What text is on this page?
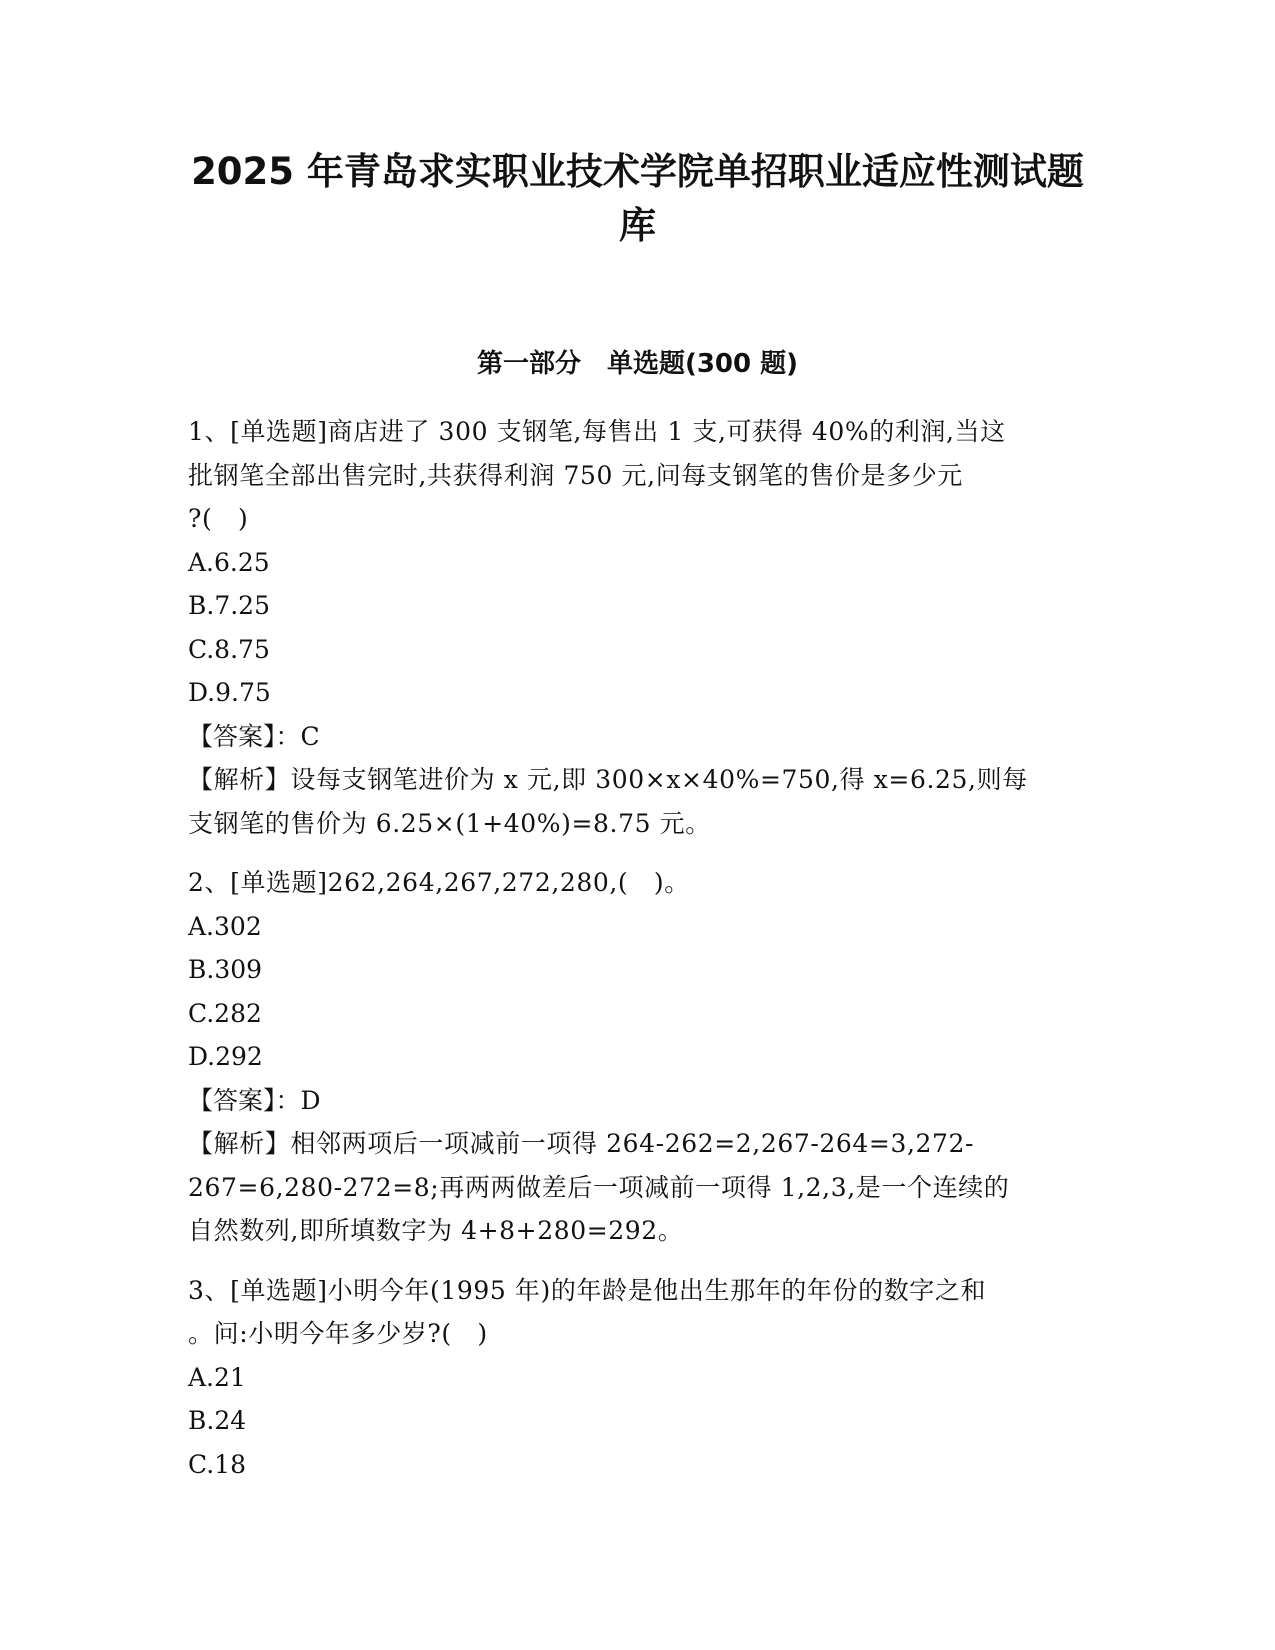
2025 年青岛求实职业技术学院单招职业适应性测试题
库
第一部分　单选题(300 题)

1、[单选题]商店进了 300 支钢笔,每售出 1 支,可获得 40%的利润,当这

批钢笔全部出售完时,共获得利润 750 元,问每支钢笔的售价是多少元

?(　)

A.6.25

B.7.25

C.8.75

D.9.75

【答案】：C

【解析】设每支钢笔进价为 x 元,即 300×x×40%=750,得 x=6.25,则每

支钢笔的售价为 6.25×(1+40%)=8.75 元。

2、[单选题]262,264,267,272,280,(　)。

A.302

B.309

C.282

D.292

【答案】：D

【解析】相邻两项后一项减前一项得 264-262=2,267-264=3,272-

267=6,280-272=8;再两两做差后一项减前一项得 1,2,3,是一个连续的

自然数列,即所填数字为 4+8+280=292。

3、[单选题]小明今年(1995 年)的年龄是他出生那年的年份的数字之和

。问:小明今年多少岁?(　)

A.21

B.24

C.18
